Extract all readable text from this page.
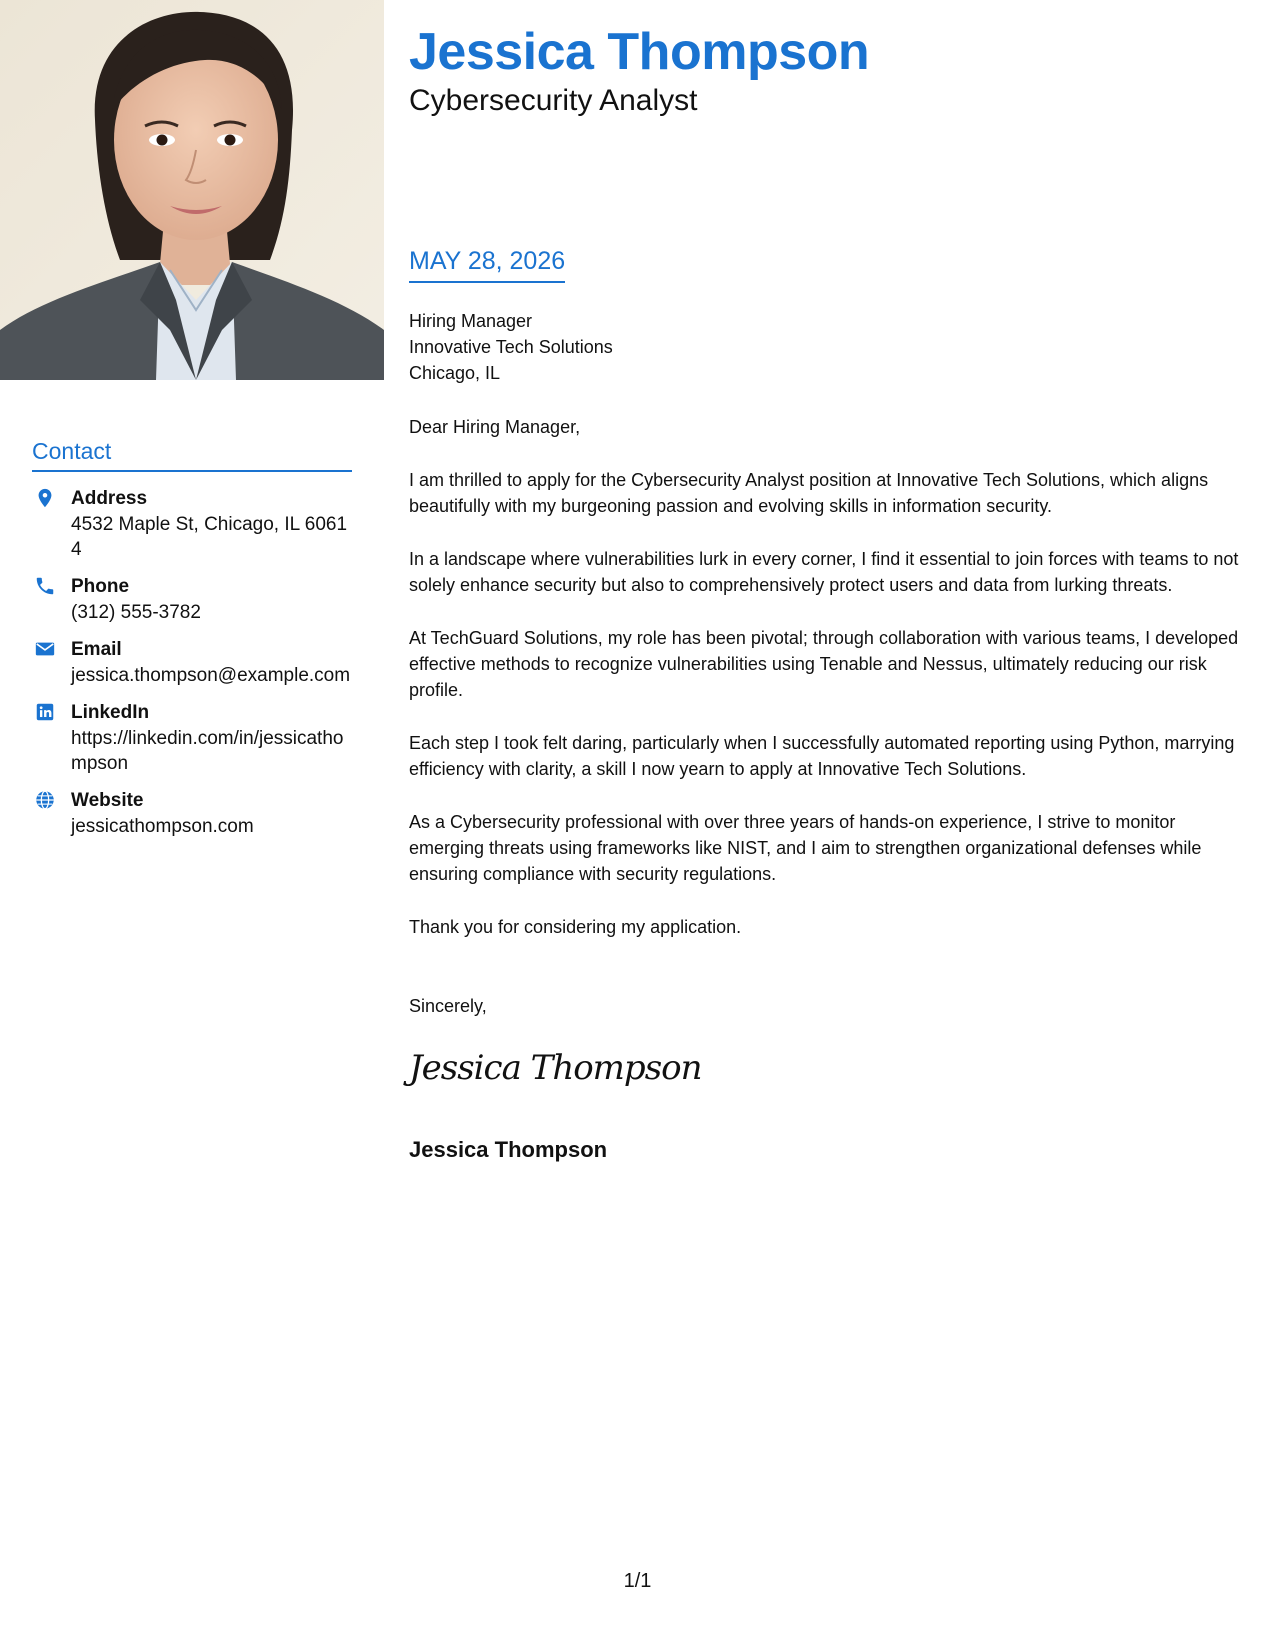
Contact
Address
4532 Maple St, Chicago, IL 60614
Phone
(312) 555-3782
Email
jessica.thompson@example.com
LinkedIn
https://linkedin.com/in/jessicathompson
Website
jessicathompson.com
Jessica Thompson
Cybersecurity Analyst
MAY 28, 2026
Hiring Manager
Innovative Tech Solutions
Chicago, IL

Dear Hiring Manager,

I am thrilled to apply for the Cybersecurity Analyst position at Innovative Tech Solutions, which aligns beautifully with my burgeoning passion and evolving skills in information security.

In a landscape where vulnerabilities lurk in every corner, I find it essential to join forces with teams to not solely enhance security but also to comprehensively protect users and data from lurking threats.

At TechGuard Solutions, my role has been pivotal; through collaboration with various teams, I developed effective methods to recognize vulnerabilities using Tenable and Nessus, ultimately reducing our risk profile.

Each step I took felt daring, particularly when I successfully automated reporting using Python, marrying efficiency with clarity, a skill I now yearn to apply at Innovative Tech Solutions.

As a Cybersecurity professional with over three years of hands-on experience, I strive to monitor emerging threats using frameworks like NIST, and I aim to strengthen organizational defenses while ensuring compliance with security regulations.

Thank you for considering my application.

Sincerely,
Jessica Thompson
Jessica Thompson
1/1
